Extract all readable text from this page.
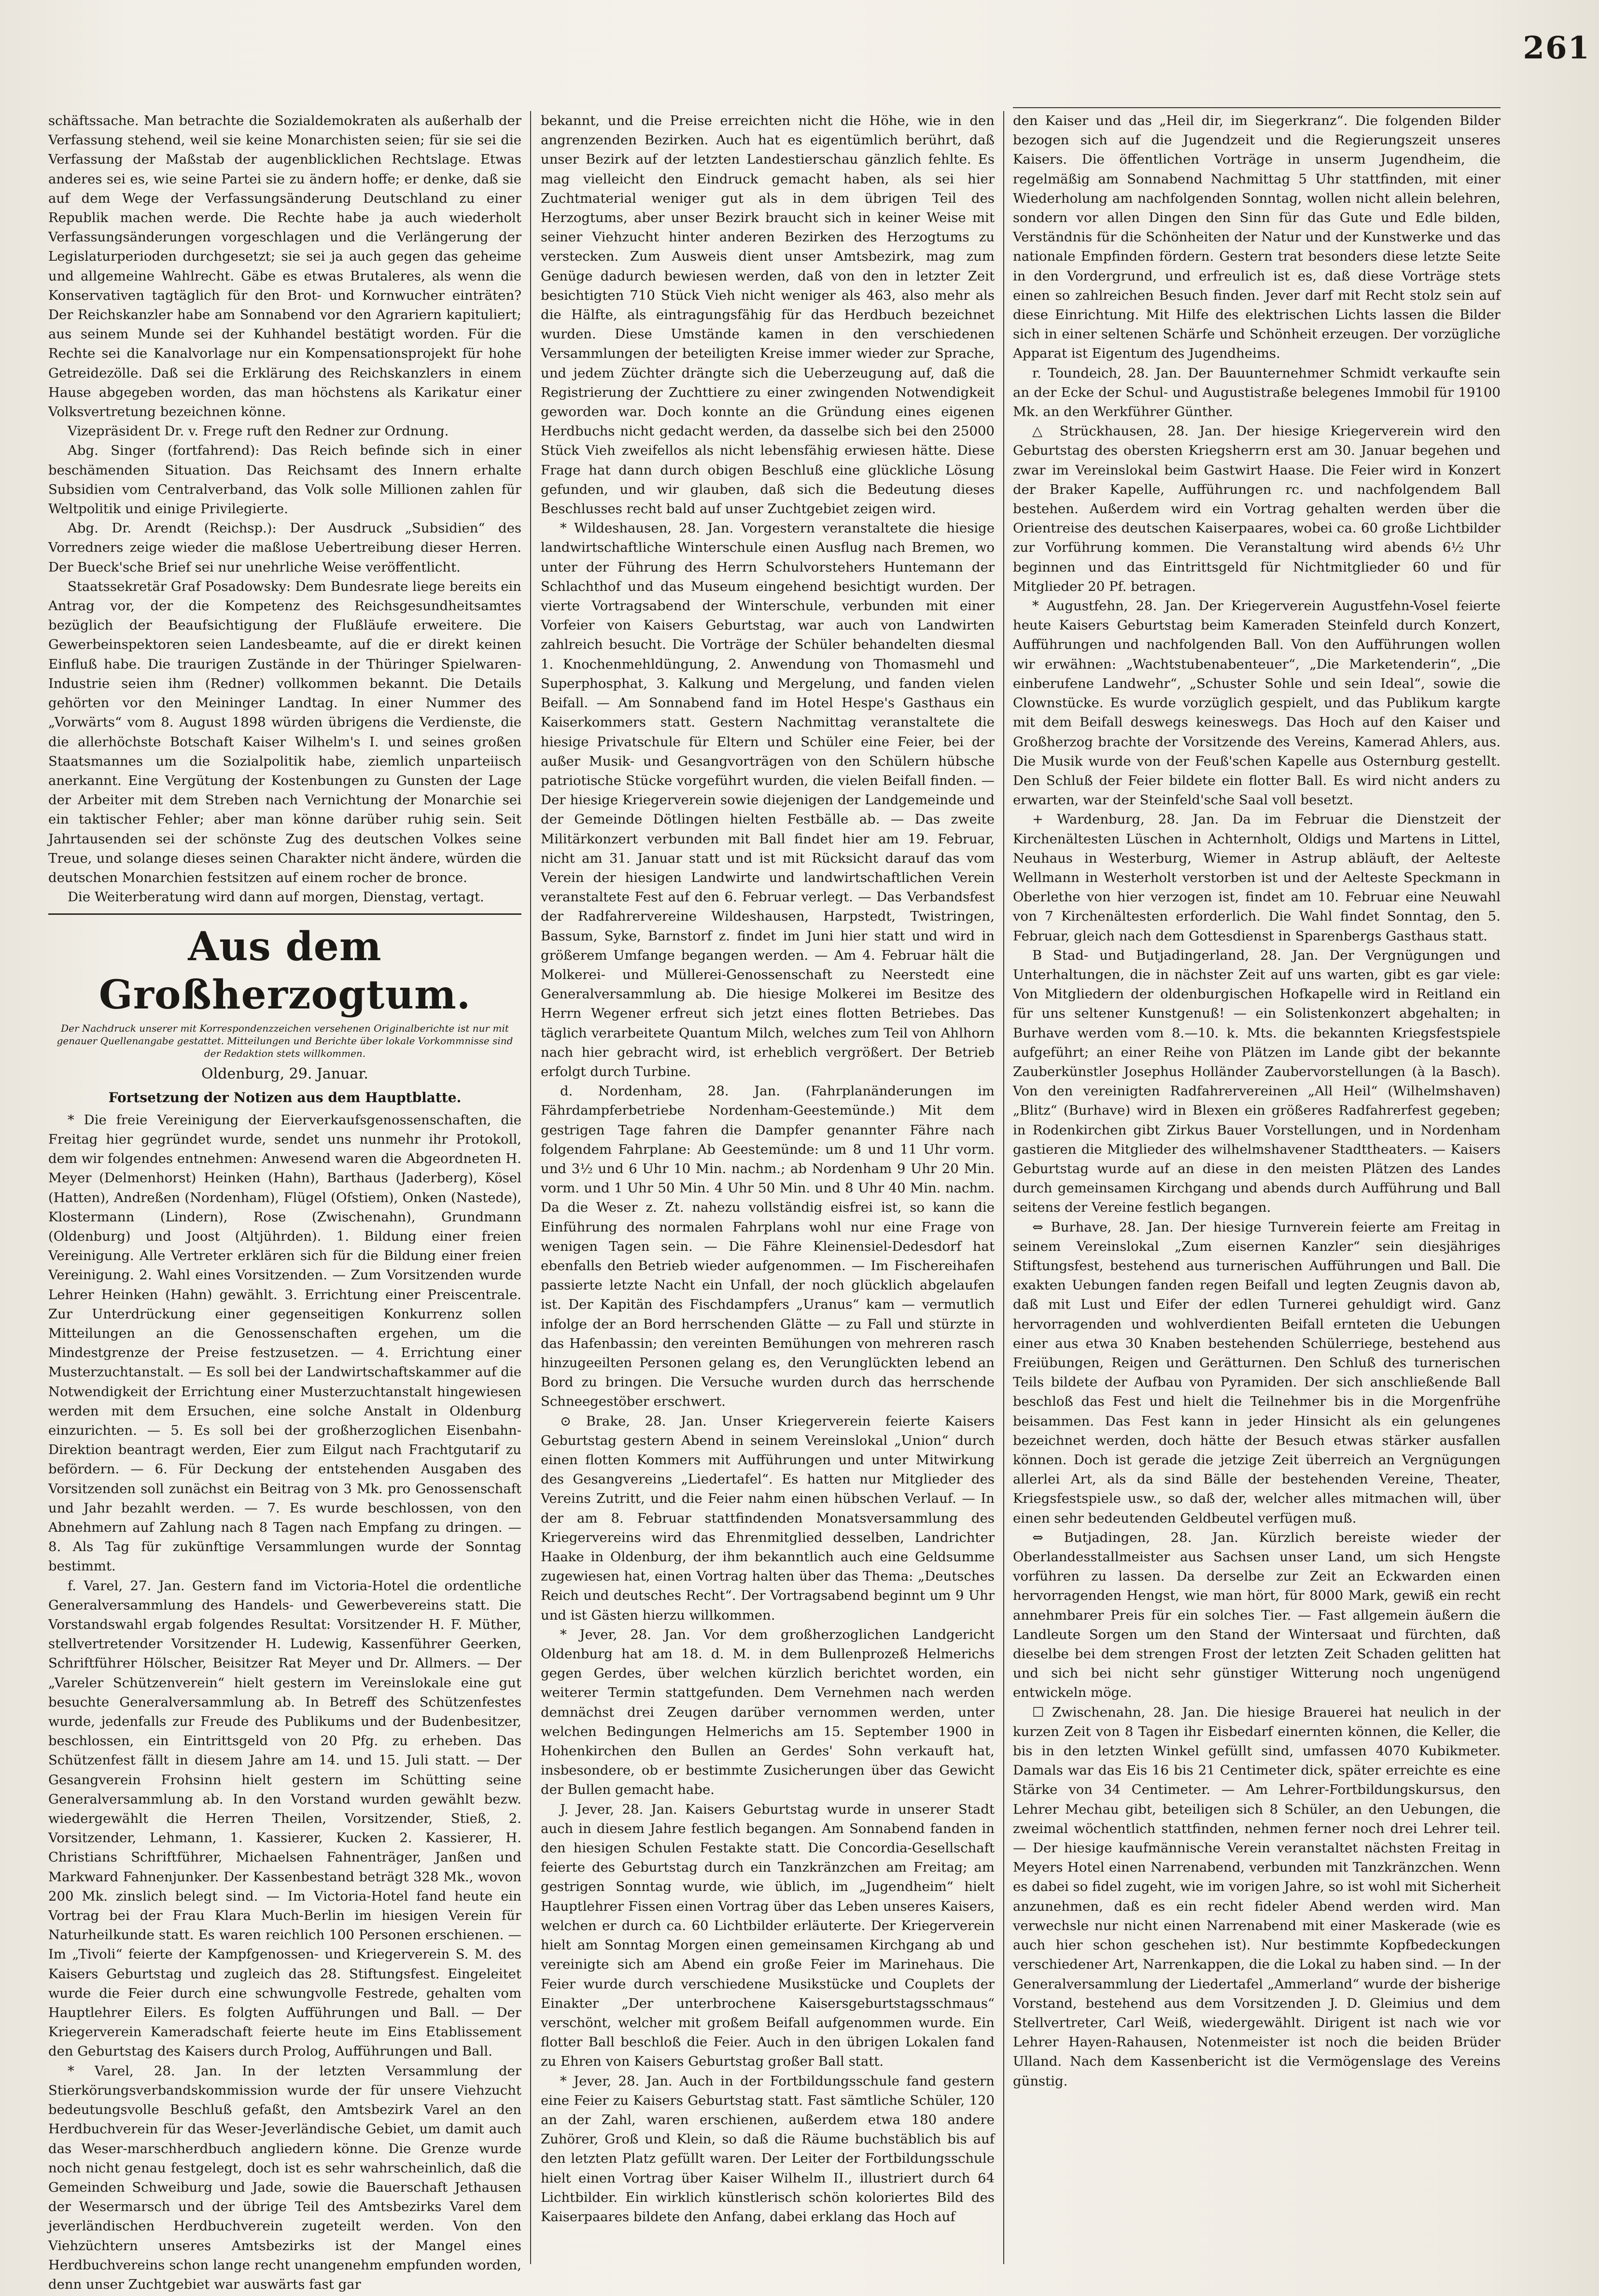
261

schäftssache. Man betrachte die Sozialdemokraten als außerhalb der Verfassung stehend, weil sie keine Monarchisten seien; für sie sei die Verfassung der Maßstab der augenblicklichen Rechtslage. Etwas anderes sei es, wie seine Partei sie zu ändern hoffe; er denke, daß sie auf dem Wege der Verfassungsänderung Deutschland zu einer Republik machen werde. Die Rechte habe ja auch wiederholt Verfassungsänderungen vorgeschlagen und die Verlängerung der Legislaturperioden durchgesetzt; sie sei ja auch gegen das geheime und allgemeine Wahlrecht. Gäbe es etwas Brutaleres, als wenn die Konservativen tagtäglich für den Brot- und Kornwucher einträten? Der Reichskanzler habe am Sonnabend vor den Agrariern kapituliert; aus seinem Munde sei der Kuhhandel bestätigt worden. Für die Rechte sei die Kanalvorlage nur ein Kompensationsprojekt für hohe Getreidezölle. Daß sei die Erklärung des Reichskanzlers in einem Hause abgegeben worden, das man höchstens als Karikatur einer Volksvertretung bezeichnen könne.

Vizepräsident Dr. v. Frege ruft den Redner zur Ordnung.

Abg. Singer (fortfahrend): Das Reich befinde sich in einer beschämenden Situation. Das Reichsamt des Innern erhalte Subsidien vom Centralverband, das Volk solle Millionen zahlen für Weltpolitik und einige Privilegierte.

Abg. Dr. Arendt (Reichsp.): Der Ausdruck „Subsidien“ des Vorredners zeige wieder die maßlose Uebertreibung dieser Herren. Der Bueck'sche Brief sei nur unehrliche Weise veröffentlicht.

Staatssekretär Graf Posadowsky: Dem Bundesrate liege bereits ein Antrag vor, der die Kompetenz des Reichsgesundheitsamtes bezüglich der Beaufsichtigung der Flußläufe erweitere. Die Gewerbeinspektoren seien Landesbeamte, auf die er direkt keinen Einfluß habe. Die traurigen Zustände in der Thüringer Spielwaren-Industrie seien ihm (Redner) vollkommen bekannt. Die Details gehörten vor den Meininger Landtag. In einer Nummer des „Vorwärts“ vom 8. August 1898 würden übrigens die Verdienste, die die allerhöchste Botschaft Kaiser Wilhelm's I. und seines großen Staatsmannes um die Sozialpolitik habe, ziemlich unparteiisch anerkannt. Eine Vergütung der Kostenbungen zu Gunsten der Lage der Arbeiter mit dem Streben nach Vernichtung der Monarchie sei ein taktischer Fehler; aber man könne darüber ruhig sein. Seit Jahrtausenden sei der schönste Zug des deutschen Volkes seine Treue, und solange dieses seinen Charakter nicht ändere, würden die deutschen Monarchien festsitzen auf einem rocher de bronce.

Die Weiterberatung wird dann auf morgen, Dienstag, vertagt.

Aus dem Großherzogtum.
Der Nachdruck unserer mit Korrespondenzzeichen versehenen Originalberichte ist nur mit genauer Quellenangabe gestattet. Mitteilungen und Berichte über lokale Vorkommnisse sind der Redaktion stets willkommen.
Oldenburg, 29. Januar.
Fortsetzung der Notizen aus dem Hauptblatte.

* Die freie Vereinigung der Eierverkaufsgenossenschaften, die Freitag hier gegründet wurde, sendet uns nunmehr ihr Protokoll, dem wir folgendes entnehmen: Anwesend waren die Abgeordneten H. Meyer (Delmenhorst) Heinken (Hahn), Barthaus (Jaderberg), Kösel (Hatten), Andreßen (Nordenham), Flügel (Ofstiem), Onken (Nastede), Klostermann (Lindern), Rose (Zwischenahn), Grundmann (Oldenburg) und Joost (Altjührden). 1. Bildung einer freien Vereinigung. Alle Vertreter erklären sich für die Bildung einer freien Vereinigung. 2. Wahl eines Vorsitzenden. — Zum Vorsitzenden wurde Lehrer Heinken (Hahn) gewählt. 3. Errichtung einer Preiscentrale. Zur Unterdrückung einer gegenseitigen Konkurrenz sollen Mitteilungen an die Genossenschaften ergehen, um die Mindestgrenze der Preise festzusetzen. — 4. Errichtung einer Musterzuchtanstalt. — Es soll bei der Landwirtschaftskammer auf die Notwendigkeit der Errichtung einer Musterzuchtanstalt hingewiesen werden mit dem Ersuchen, eine solche Anstalt in Oldenburg einzurichten. — 5. Es soll bei der großherzoglichen Eisenbahn-Direktion beantragt werden, Eier zum Eilgut nach Frachtgutarif zu befördern. — 6. Für Deckung der entstehenden Ausgaben des Vorsitzenden soll zunächst ein Beitrag von 3 Mk. pro Genossenschaft und Jahr bezahlt werden. — 7. Es wurde beschlossen, von den Abnehmern auf Zahlung nach 8 Tagen nach Empfang zu dringen. — 8. Als Tag für zukünftige Versammlungen wurde der Sonntag bestimmt.

f. Varel, 27. Jan. Gestern fand im Victoria-Hotel die ordentliche Generalversammlung des Handels- und Gewerbevereins statt. Die Vorstandswahl ergab folgendes Resultat: Vorsitzender H. F. Müther, stellvertretender Vorsitzender H. Ludewig, Kassenführer Geerken, Schriftführer Hölscher, Beisitzer Rat Meyer und Dr. Allmers. — Der „Vareler Schützenverein“ hielt gestern im Vereinslokale eine gut besuchte Generalversammlung ab. In Betreff des Schützenfestes wurde, jedenfalls zur Freude des Publikums und der Budenbesitzer, beschlossen, ein Eintrittsgeld von 20 Pfg. zu erheben. Das Schützenfest fällt in diesem Jahre am 14. und 15. Juli statt. — Der Gesangverein Frohsinn hielt gestern im Schütting seine Generalversammlung ab. In den Vorstand wurden gewählt bezw. wiedergewählt die Herren Theilen, Vorsitzender, Stieß, 2. Vorsitzender, Lehmann, 1. Kassierer, Kucken 2. Kassierer, H. Christians Schriftführer, Michaelsen Fahnenträger, Janßen und Markward Fahnenjunker. Der Kassenbestand beträgt 328 Mk., wovon 200 Mk. zinslich belegt sind. — Im Victoria-Hotel fand heute ein Vortrag bei der Frau Klara Much-Berlin im hiesigen Verein für Naturheilkunde statt. Es waren reichlich 100 Personen erschienen. — Im „Tivoli“ feierte der Kampfgenossen- und Kriegerverein S. M. des Kaisers Geburtstag und zugleich das 28. Stiftungsfest. Eingeleitet wurde die Feier durch eine schwungvolle Festrede, gehalten vom Hauptlehrer Eilers. Es folgten Aufführungen und Ball. — Der Kriegerverein Kameradschaft feierte heute im Eins Etablissement den Geburtstag des Kaisers durch Prolog, Aufführungen und Ball.

* Varel, 28. Jan. In der letzten Versammlung der Stierkörungsverbandskommission wurde der für unsere Viehzucht bedeutungsvolle Beschluß gefaßt, den Amtsbezirk Varel an den Herdbuchverein für das Weser-Jeverländische Gebiet, um damit auch das Weser-marschherdbuch angliedern könne. Die Grenze wurde noch nicht genau festgelegt, doch ist es sehr wahrscheinlich, daß die Gemeinden Schweiburg und Jade, sowie die Bauerschaft Jethausen der Wesermarsch und der übrige Teil des Amtsbezirks Varel dem jeverländischen Herdbuchverein zugeteilt werden. Von den Viehzüchtern unseres Amtsbezirks ist der Mangel eines Herdbuchvereins schon lange recht unangenehm empfunden worden, denn unser Zuchtgebiet war auswärts fast gar

bekannt, und die Preise erreichten nicht die Höhe, wie in den angrenzenden Bezirken. Auch hat es eigentümlich berührt, daß unser Bezirk auf der letzten Landestierschau gänzlich fehlte. Es mag vielleicht den Eindruck gemacht haben, als sei hier Zuchtmaterial weniger gut als in dem übrigen Teil des Herzogtums, aber unser Bezirk braucht sich in keiner Weise mit seiner Viehzucht hinter anderen Bezirken des Herzogtums zu verstecken. Zum Ausweis dient unser Amtsbezirk, mag zum Genüge dadurch bewiesen werden, daß von den in letzter Zeit besichtigten 710 Stück Vieh nicht weniger als 463, also mehr als die Hälfte, als eintragungsfähig für das Herdbuch bezeichnet wurden. Diese Umstände kamen in den verschiedenen Versammlungen der beteiligten Kreise immer wieder zur Sprache, und jedem Züchter drängte sich die Ueberzeugung auf, daß die Registrierung der Zuchttiere zu einer zwingenden Notwendigkeit geworden war. Doch konnte an die Gründung eines eigenen Herdbuchs nicht gedacht werden, da dasselbe sich bei den 25000 Stück Vieh zweifellos als nicht lebensfähig erwiesen hätte. Diese Frage hat dann durch obigen Beschluß eine glückliche Lösung gefunden, und wir glauben, daß sich die Bedeutung dieses Beschlusses recht bald auf unser Zuchtgebiet zeigen wird.

* Wildeshausen, 28. Jan. Vorgestern veranstaltete die hiesige landwirtschaftliche Winterschule einen Ausflug nach Bremen, wo unter der Führung des Herrn Schulvorstehers Huntemann der Schlachthof und das Museum eingehend besichtigt wurden. Der vierte Vortragsabend der Winterschule, verbunden mit einer Vorfeier von Kaisers Geburtstag, war auch von Landwirten zahlreich besucht. Die Vorträge der Schüler behandelten diesmal 1. Knochenmehldüngung, 2. Anwendung von Thomasmehl und Superphosphat, 3. Kalkung und Mergelung, und fanden vielen Beifall. — Am Sonnabend fand im Hotel Hespe's Gasthaus ein Kaiserkommers statt. Gestern Nachmittag veranstaltete die hiesige Privatschule für Eltern und Schüler eine Feier, bei der außer Musik- und Gesangvorträgen von den Schülern hübsche patriotische Stücke vorgeführt wurden, die vielen Beifall finden. — Der hiesige Kriegerverein sowie diejenigen der Landgemeinde und der Gemeinde Dötlingen hielten Festbälle ab. — Das zweite Militärkonzert verbunden mit Ball findet hier am 19. Februar, nicht am 31. Januar statt und ist mit Rücksicht darauf das vom Verein der hiesigen Landwirte und landwirtschaftlichen Verein veranstaltete Fest auf den 6. Februar verlegt. — Das Verbandsfest der Radfahrervereine Wildeshausen, Harpstedt, Twistringen, Bassum, Syke, Barnstorf z. findet im Juni hier statt und wird in größerem Umfange begangen werden. — Am 4. Februar hält die Molkerei- und Müllerei-Genossenschaft zu Neerstedt eine Generalversammlung ab. Die hiesige Molkerei im Besitze des Herrn Wegener erfreut sich jetzt eines flotten Betriebes. Das täglich verarbeitete Quantum Milch, welches zum Teil von Ahlhorn nach hier gebracht wird, ist erheblich vergrößert. Der Betrieb erfolgt durch Turbine.

d. Nordenham, 28. Jan. (Fahrplanänderungen im Fährdampferbetriebe Nordenham-Geestemünde.) Mit dem gestrigen Tage fahren die Dampfer genannter Fähre nach folgendem Fahrplane: Ab Geestemünde: um 8 und 11 Uhr vorm. und 3½ und 6 Uhr 10 Min. nachm.; ab Nordenham 9 Uhr 20 Min. vorm. und 1 Uhr 50 Min. 4 Uhr 50 Min. und 8 Uhr 40 Min. nachm. Da die Weser z. Zt. nahezu vollständig eisfrei ist, so kann die Einführung des normalen Fahrplans wohl nur eine Frage von wenigen Tagen sein. — Die Fähre Kleinensiel-Dedesdorf hat ebenfalls den Betrieb wieder aufgenommen. — Im Fischereihafen passierte letzte Nacht ein Unfall, der noch glücklich abgelaufen ist. Der Kapitän des Fischdampfers „Uranus“ kam — vermutlich infolge der an Bord herrschenden Glätte — zu Fall und stürzte in das Hafenbassin; den vereinten Bemühungen von mehreren rasch hinzugeeilten Personen gelang es, den Verunglückten lebend an Bord zu bringen. Die Versuche wurden durch das herrschende Schneegestöber erschwert.

⊙ Brake, 28. Jan. Unser Kriegerverein feierte Kaisers Geburtstag gestern Abend in seinem Vereinslokal „Union“ durch einen flotten Kommers mit Aufführungen und unter Mitwirkung des Gesangvereins „Liedertafel“. Es hatten nur Mitglieder des Vereins Zutritt, und die Feier nahm einen hübschen Verlauf. — In der am 8. Februar stattfindenden Monatsversammlung des Kriegervereins wird das Ehrenmitglied desselben, Landrichter Haake in Oldenburg, der ihm bekanntlich auch eine Geldsumme zugewiesen hat, einen Vortrag halten über das Thema: „Deutsches Reich und deutsches Recht“. Der Vortragsabend beginnt um 9 Uhr und ist Gästen hierzu willkommen.

* Jever, 28. Jan. Vor dem großherzoglichen Landgericht Oldenburg hat am 18. d. M. in dem Bullenprozeß Helmerichs gegen Gerdes, über welchen kürzlich berichtet worden, ein weiterer Termin stattgefunden. Dem Vernehmen nach werden demnächst drei Zeugen darüber vernommen werden, unter welchen Bedingungen Helmerichs am 15. September 1900 in Hohenkirchen den Bullen an Gerdes' Sohn verkauft hat, insbesondere, ob er bestimmte Zusicherungen über das Gewicht der Bullen gemacht habe.

J. Jever, 28. Jan. Kaisers Geburtstag wurde in unserer Stadt auch in diesem Jahre festlich begangen. Am Sonnabend fanden in den hiesigen Schulen Festakte statt. Die Concordia-Gesellschaft feierte des Geburtstag durch ein Tanzkränzchen am Freitag; am gestrigen Sonntag wurde, wie üblich, im „Jugendheim“ hielt Hauptlehrer Fissen einen Vortrag über das Leben unseres Kaisers, welchen er durch ca. 60 Lichtbilder erläuterte. Der Kriegerverein hielt am Sonntag Morgen einen gemeinsamen Kirchgang ab und vereinigte sich am Abend ein große Feier im Marinehaus. Die Feier wurde durch verschiedene Musikstücke und Couplets der Einakter „Der unterbrochene Kaisersgeburtstagsschmaus“ verschönt, welcher mit großem Beifall aufgenommen wurde. Ein flotter Ball beschloß die Feier. Auch in den übrigen Lokalen fand zu Ehren von Kaisers Geburtstag großer Ball statt.

* Jever, 28. Jan. Auch in der Fortbildungsschule fand gestern eine Feier zu Kaisers Geburtstag statt. Fast sämtliche Schüler, 120 an der Zahl, waren erschienen, außerdem etwa 180 andere Zuhörer, Groß und Klein, so daß die Räume buchstäblich bis auf den letzten Platz gefüllt waren. Der Leiter der Fortbildungsschule hielt einen Vortrag über Kaiser Wilhelm II., illustriert durch 64 Lichtbilder. Ein wirklich künstlerisch schön koloriertes Bild des Kaiserpaares bildete den Anfang, dabei erklang das Hoch auf

den Kaiser und das „Heil dir, im Siegerkranz“. Die folgenden Bilder bezogen sich auf die Jugendzeit und die Regierungszeit unseres Kaisers. Die öffentlichen Vorträge in unserm Jugendheim, die regelmäßig am Sonnabend Nachmittag 5 Uhr stattfinden, mit einer Wiederholung am nachfolgenden Sonntag, wollen nicht allein belehren, sondern vor allen Dingen den Sinn für das Gute und Edle bilden, Verständnis für die Schönheiten der Natur und der Kunstwerke und das nationale Empfinden fördern. Gestern trat besonders diese letzte Seite in den Vordergrund, und erfreulich ist es, daß diese Vorträge stets einen so zahlreichen Besuch finden. Jever darf mit Recht stolz sein auf diese Einrichtung. Mit Hilfe des elektrischen Lichts lassen die Bilder sich in einer seltenen Schärfe und Schönheit erzeugen. Der vorzügliche Apparat ist Eigentum des Jugendheims.

r. Toundeich, 28. Jan. Der Bauunternehmer Schmidt verkaufte sein an der Ecke der Schul- und Augustistraße belegenes Immobil für 19100 Mk. an den Werkführer Günther.

△ Strückhausen, 28. Jan. Der hiesige Kriegerverein wird den Geburtstag des obersten Kriegsherrn erst am 30. Januar begehen und zwar im Vereinslokal beim Gastwirt Haase. Die Feier wird in Konzert der Braker Kapelle, Aufführungen rc. und nachfolgendem Ball bestehen. Außerdem wird ein Vortrag gehalten werden über die Orientreise des deutschen Kaiserpaares, wobei ca. 60 große Lichtbilder zur Vorführung kommen. Die Veranstaltung wird abends 6½ Uhr beginnen und das Eintrittsgeld für Nichtmitglieder 60 und für Mitglieder 20 Pf. betragen.

* Augustfehn, 28. Jan. Der Kriegerverein Augustfehn-Vosel feierte heute Kaisers Geburtstag beim Kameraden Steinfeld durch Konzert, Aufführungen und nachfolgenden Ball. Von den Aufführungen wollen wir erwähnen: „Wachtstubenabenteuer“, „Die Marketenderin“, „Die einberufene Landwehr“, „Schuster Sohle und sein Ideal“, sowie die Clownstücke. Es wurde vorzüglich gespielt, und das Publikum kargte mit dem Beifall deswegs keineswegs. Das Hoch auf den Kaiser und Großherzog brachte der Vorsitzende des Vereins, Kamerad Ahlers, aus. Die Musik wurde von der Feuß'schen Kapelle aus Osternburg gestellt. Den Schluß der Feier bildete ein flotter Ball. Es wird nicht anders zu erwarten, war der Steinfeld'sche Saal voll besetzt.

+ Wardenburg, 28. Jan. Da im Februar die Dienstzeit der Kirchenältesten Lüschen in Achternholt, Oldigs und Martens in Littel, Neuhaus in Westerburg, Wiemer in Astrup abläuft, der Aelteste Wellmann in Westerholt verstorben ist und der Aelteste Speckmann in Oberlethe von hier verzogen ist, findet am 10. Februar eine Neuwahl von 7 Kirchenältesten erforderlich. Die Wahl findet Sonntag, den 5. Februar, gleich nach dem Gottesdienst in Sparenbergs Gasthaus statt.

B Stad- und Butjadingerland, 28. Jan. Der Vergnügungen und Unterhaltungen, die in nächster Zeit auf uns warten, gibt es gar viele: Von Mitgliedern der oldenburgischen Hofkapelle wird in Reitland ein für uns seltener Kunstgenuß! — ein Solistenkonzert abgehalten; in Burhave werden vom 8.—10. k. Mts. die bekannten Kriegsfestspiele aufgeführt; an einer Reihe von Plätzen im Lande gibt der bekannte Zauberkünstler Josephus Holländer Zaubervorstellungen (à la Basch). Von den vereinigten Radfahrervereinen „All Heil“ (Wilhelmshaven) „Blitz“ (Burhave) wird in Blexen ein größeres Radfahrerfest gegeben; in Rodenkirchen gibt Zirkus Bauer Vorstellungen, und in Nordenham gastieren die Mitglieder des wilhelmshavener Stadttheaters. — Kaisers Geburtstag wurde auf an diese in den meisten Plätzen des Landes durch gemeinsamen Kirchgang und abends durch Aufführung und Ball seitens der Vereine festlich begangen.

⇔ Burhave, 28. Jan. Der hiesige Turnverein feierte am Freitag in seinem Vereinslokal „Zum eisernen Kanzler“ sein diesjähriges Stiftungsfest, bestehend aus turnerischen Aufführungen und Ball. Die exakten Uebungen fanden regen Beifall und legten Zeugnis davon ab, daß mit Lust und Eifer der edlen Turnerei gehuldigt wird. Ganz hervorragenden und wohlverdienten Beifall ernteten die Uebungen einer aus etwa 30 Knaben bestehenden Schülerriege, bestehend aus Freiübungen, Reigen und Gerätturnen. Den Schluß des turnerischen Teils bildete der Aufbau von Pyramiden. Der sich anschließende Ball beschloß das Fest und hielt die Teilnehmer bis in die Morgenfrühe beisammen. Das Fest kann in jeder Hinsicht als ein gelungenes bezeichnet werden, doch hätte der Besuch etwas stärker ausfallen können. Doch ist gerade die jetzige Zeit überreich an Vergnügungen allerlei Art, als da sind Bälle der bestehenden Vereine, Theater, Kriegsfestspiele usw., so daß der, welcher alles mitmachen will, über einen sehr bedeutenden Geldbeutel verfügen muß.

⇔ Butjadingen, 28. Jan. Kürzlich bereiste wieder der Oberlandesstallmeister aus Sachsen unser Land, um sich Hengste vorführen zu lassen. Da derselbe zur Zeit an Eckwarden einen hervorragenden Hengst, wie man hört, für 8000 Mark, gewiß ein recht annehmbarer Preis für ein solches Tier. — Fast allgemein äußern die Landleute Sorgen um den Stand der Wintersaat und fürchten, daß dieselbe bei dem strengen Frost der letzten Zeit Schaden gelitten hat und sich bei nicht sehr günstiger Witterung noch ungenügend entwickeln möge.

☐ Zwischenahn, 28. Jan. Die hiesige Brauerei hat neulich in der kurzen Zeit von 8 Tagen ihr Eisbedarf einernten können, die Keller, die bis in den letzten Winkel gefüllt sind, umfassen 4070 Kubikmeter. Damals war das Eis 16 bis 21 Centimeter dick, später erreichte es eine Stärke von 34 Centimeter. — Am Lehrer-Fortbildungskursus, den Lehrer Mechau gibt, beteiligen sich 8 Schüler, an den Uebungen, die zweimal wöchentlich stattfinden, nehmen ferner noch drei Lehrer teil. — Der hiesige kaufmännische Verein veranstaltet nächsten Freitag in Meyers Hotel einen Narrenabend, verbunden mit Tanzkränzchen. Wenn es dabei so fidel zugeht, wie im vorigen Jahre, so ist wohl mit Sicherheit anzunehmen, daß es ein recht fideler Abend werden wird. Man verwechsle nur nicht einen Narrenabend mit einer Maskerade (wie es auch hier schon geschehen ist). Nur bestimmte Kopfbedeckungen verschiedener Art, Narrenkappen, die die Lokal zu haben sind. — In der Generalversammlung der Liedertafel „Ammerland“ wurde der bisherige Vorstand, bestehend aus dem Vorsitzenden J. D. Gleimius und dem Stellvertreter, Carl Weiß, wiedergewählt. Dirigent ist nach wie vor Lehrer Hayen-Rahausen, Notenmeister ist noch die beiden Brüder Ulland. Nach dem Kassenbericht ist die Vermögenslage des Vereins günstig.
